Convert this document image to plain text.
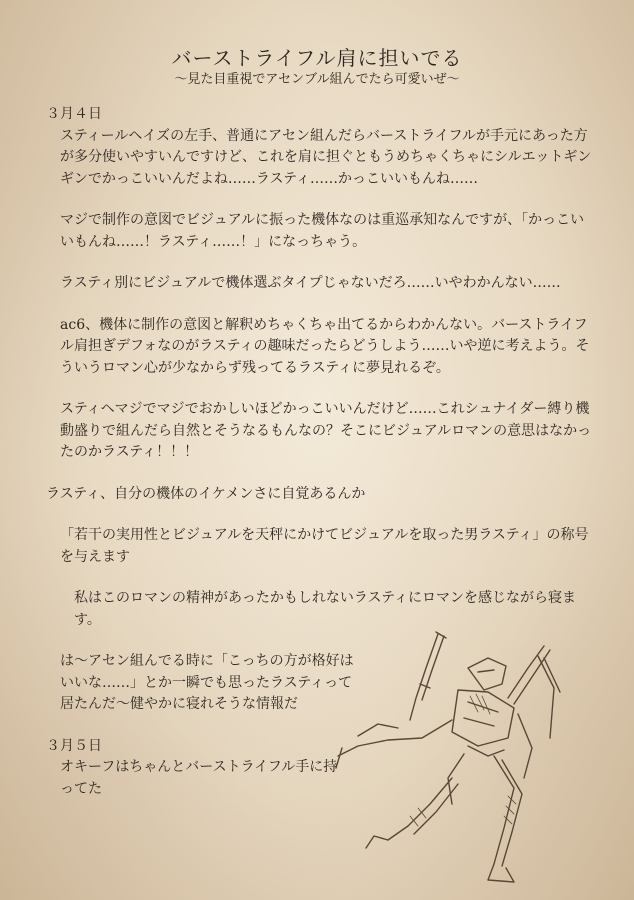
バーストライフル肩に担いでる
〜見た目重視でアセンブル組んでたら可愛いぜ〜

３月４日

スティールヘイズの左手、普通にアセン組んだらバーストライフルが手元にあった方が多分使いやすいんですけど、これを肩に担ぐともうめちゃくちゃにシルエットギンギンでかっこいいんだよね……ラスティ……かっこいいもんね……

マジで制作の意図でビジュアルに振った機体なのは重巡承知なんですが、「かっこいいもんね……！ラスティ……！」になっちゃう。

ラスティ別にビジュアルで機体選ぶタイプじゃないだろ……いやわかんない……

ac6、機体に制作の意図と解釈めちゃくちゃ出てるからわかんない。バーストライフル肩担ぎデフォなのがラスティの趣味だったらどうしよう……いや逆に考えよう。そういうロマン心が少なからず残ってるラスティに夢見れるぞ。

スティヘマジでマジでおかしいほどかっこいいんだけど……これシュナイダー縛り機動盛りで組んだら自然とそうなるもんなの？そこにビジュアルロマンの意思はなかったのかラスティ！！！

ラスティ、自分の機体のイケメンさに自覚あるんか

「若干の実用性とビジュアルを天秤にかけてビジュアルを取った男ラスティ」の称号を与えます

私はこのロマンの精神があったかもしれないラスティにロマンを感じながら寝ます。

は〜アセン組んでる時に「こっちの方が格好はいいな……」とか一瞬でも思ったラスティって居たんだ〜健やかに寝れそうな情報だ

３月５日

オキーフはちゃんとバーストライフル手に持ってた
